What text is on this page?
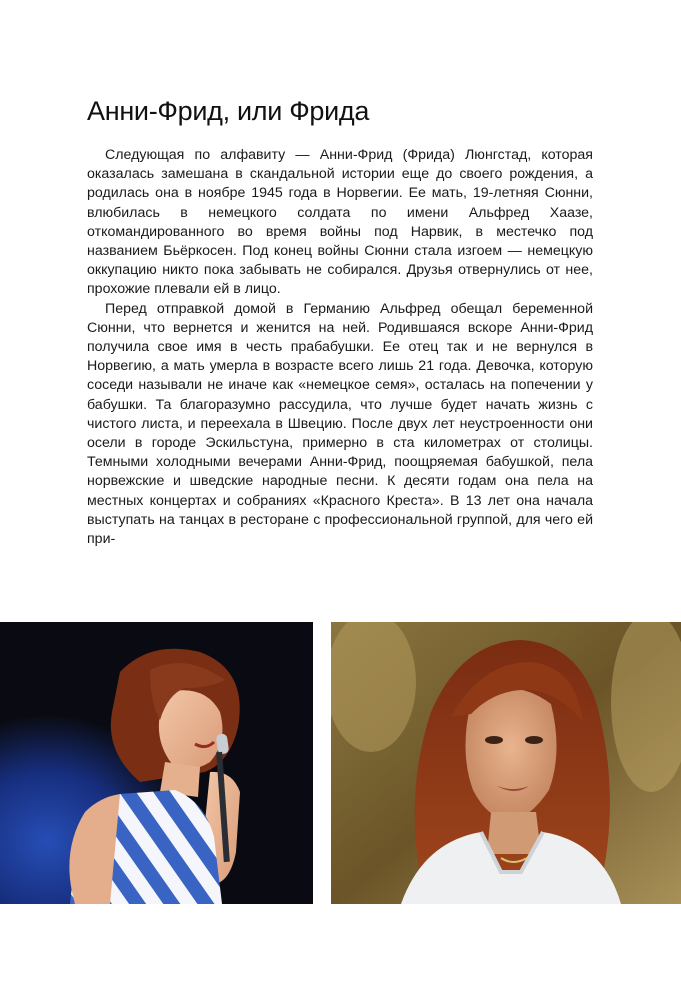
Анни-Фрид, или Фрида

Следующая по алфавиту — Анни-Фрид (Фрида) Люнгстад, которая оказалась замешана в скандальной истории еще до своего рождения, а родилась она в ноябре 1945 года в Норвегии. Ее мать, 19-летняя Сюнни, влюбилась в немецкого солдата по имени Альфред Хаазе, откомандированного во время войны под Нарвик, в местечко под названием Бьёркосен. Под конец войны Сюнни стала изгоем — немецкую оккупацию никто пока забывать не собирался. Друзья отвернулись от нее, прохожие плевали ей в лицо.

Перед отправкой домой в Германию Альфред обещал беременной Сюнни, что вернется и женится на ней. Родившаяся вскоре Анни-Фрид получила свое имя в честь прабабушки. Ее отец так и не вернулся в Норвегию, а мать умерла в возрасте всего лишь 21 года. Девочка, которую соседи называли не иначе как «немецкое семя», осталась на попечении у бабушки. Та благоразумно рассудила, что лучше будет начать жизнь с чистого листа, и переехала в Швецию. После двух лет неустроенности они осели в городе Эскильстуна, примерно в ста километрах от столицы. Темными холодными вечерами Анни-Фрид, поощряемая бабушкой, пела норвежские и шведские народные песни. К десяти годам она пела на местных концертах и собраниях «Красного Креста». В 13 лет она начала выступать на танцах в ресторане с профессиональной группой, для чего ей при-
